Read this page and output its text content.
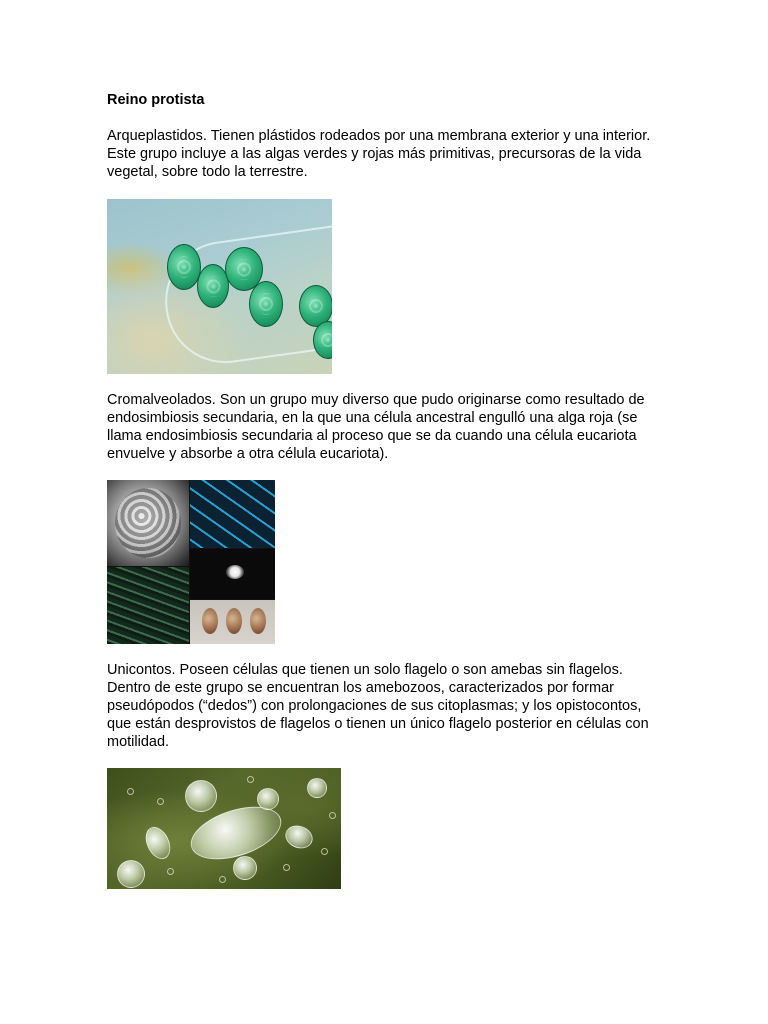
Reino protista
Arqueplastidos. Tienen plástidos rodeados por una membrana exterior y una interior. Este grupo incluye a las algas verdes y rojas más primitivas, precursoras de la vida vegetal, sobre todo la terrestre.
Cromalveolados. Son un grupo muy diverso que pudo originarse como resultado de endosimbiosis secundaria, en la que una célula ancestral engulló una alga roja (se llama endosimbiosis secundaria al proceso que se da cuando una célula eucariota envuelve y absorbe a otra célula eucariota).
Unicontos. Poseen células que tienen un solo flagelo o son amebas sin flagelos. Dentro de este grupo se encuentran los amebozoos, caracterizados por formar pseudópodos (“dedos”) con prolongaciones de sus citoplasmas; y los opistocontos, que están desprovistos de flagelos o tienen un único flagelo posterior en células con motilidad.
